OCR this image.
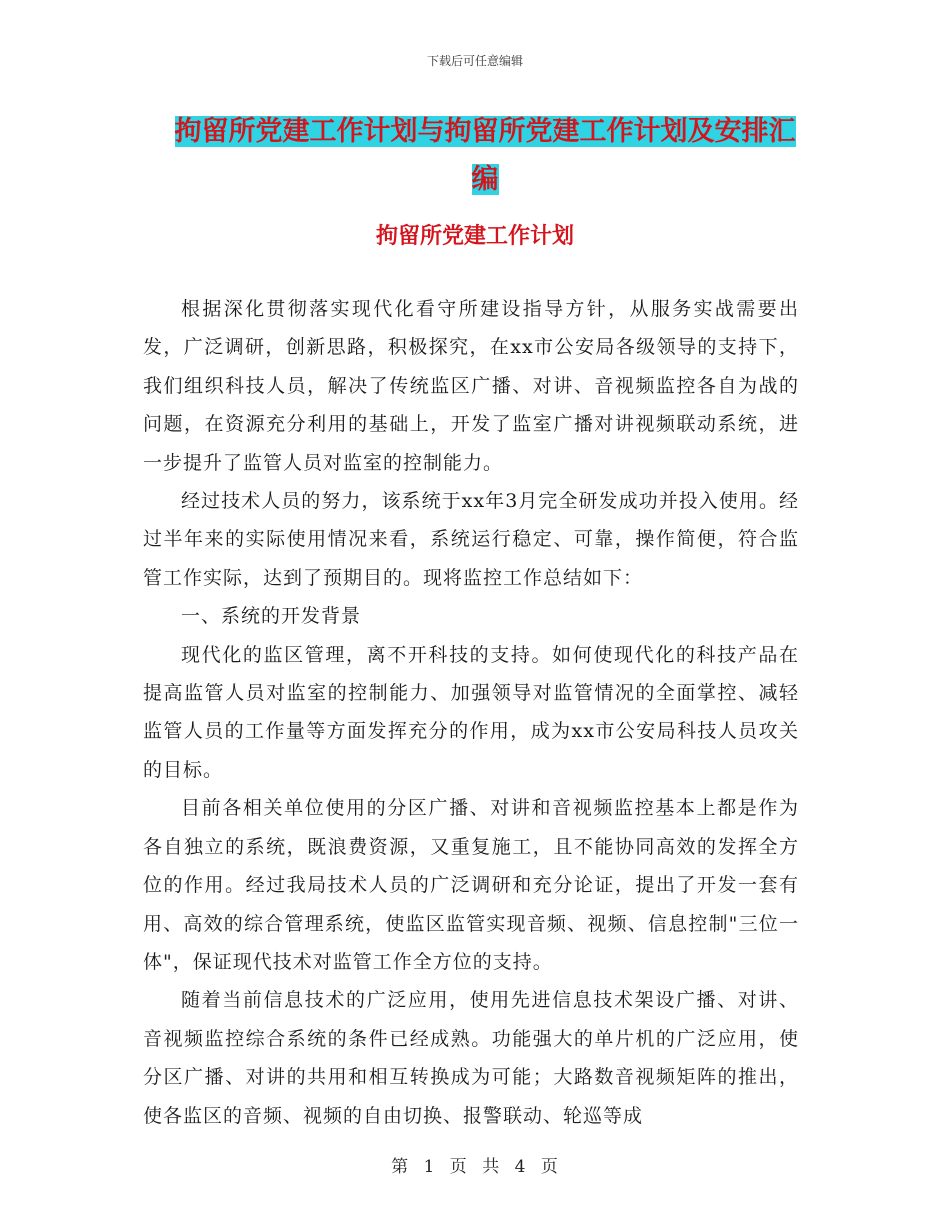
下载后可任意编辑
拘留所党建工作计划与拘留所党建工作计划及安排汇
编
拘留所党建工作计划

根据深化贯彻落实现代化看守所建设指导方针，从服务实战需要出发，广泛调研，创新思路，积极探究，在xx市公安局各级领导的支持下，我们组织科技人员，解决了传统监区广播、对讲、音视频监控各自为战的问题，在资源充分利用的基础上，开发了监室广播对讲视频联动系统，进一步提升了监管人员对监室的控制能力。

经过技术人员的努力，该系统于xx年3月完全研发成功并投入使用。经过半年来的实际使用情况来看，系统运行稳定、可靠，操作简便，符合监管工作实际，达到了预期目的。现将监控工作总结如下：

一、系统的开发背景

现代化的监区管理，离不开科技的支持。如何使现代化的科技产品在提高监管人员对监室的控制能力、加强领导对监管情况的全面掌控、减轻监管人员的工作量等方面发挥充分的作用，成为xx市公安局科技人员攻关的目标。

目前各相关单位使用的分区广播、对讲和音视频监控基本上都是作为各自独立的系统，既浪费资源，又重复施工，且不能协同高效的发挥全方位的作用。经过我局技术人员的广泛调研和充分论证，提出了开发一套有用、高效的综合管理系统，使监区监管实现音频、视频、信息控制"三位一体"，保证现代技术对监管工作全方位的支持。

随着当前信息技术的广泛应用，使用先进信息技术架设广播、对讲、音视频监控综合系统的条件已经成熟。功能强大的单片机的广泛应用，使分区广播、对讲的共用和相互转换成为可能；大路数音视频矩阵的推出，使各监区的音频、视频的自由切换、报警联动、轮巡等成

第 1 页 共 4 页
